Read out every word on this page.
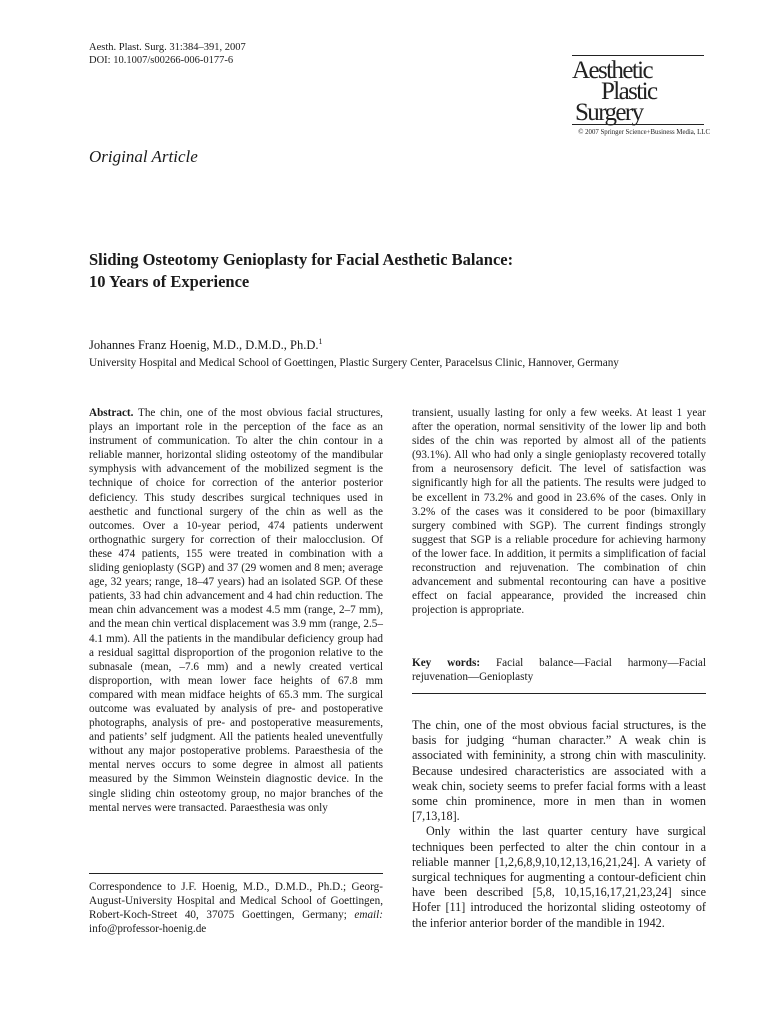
Aesth. Plast. Surg. 31:384–391, 2007
DOI: 10.1007/s00266-006-0177-6	Aesthetic
Plastic
Surgery
© 2007 Springer Science+Business Media, LLC
Original Article
Sliding Osteotomy Genioplasty for Facial Aesthetic Balance:
10 Years of Experience
Johannes Franz Hoenig, M.D., D.M.D., Ph.D.$^1$
University Hospital and Medical School of Goettingen, Plastic Surgery Center, Paracelsus Clinic, Hannover, Germany
Abstract. The chin, one of the most obvious facial structures, plays an important role in the perception of the face as an instrument of communication. To alter the chin contour in a reliable manner, horizontal sliding osteotomy of the mandibular symphysis with advancement of the mobilized segment is the technique of choice for correction of the anterior posterior deficiency. This study describes surgical techniques used in aesthetic and functional surgery of the chin as well as the outcomes. Over a 10-year period, 474 patients underwent orthognathic surgery for correction of their malocclusion. Of these 474 patients, 155 were treated in combination with a sliding genioplasty (SGP) and 37 (29 women and 8 men; average age, 32 years; range, 18–47 years) had an isolated SGP. Of these patients, 33 had chin advancement and 4 had chin reduction. The mean chin advancement was a modest 4.5 mm (range, 2–7 mm), and the mean chin vertical displacement was 3.9 mm (range, 2.5–4.1 mm). All the patients in the mandibular deficiency group had a residual sagittal disproportion of the progonion relative to the subnasale (mean, –7.6 mm) and a newly created vertical disproportion, with mean lower face heights of 67.8 mm compared with mean midface heights of 65.3 mm. The surgical outcome was evaluated by analysis of pre- and postoperative photographs, analysis of pre- and postoperative measurements, and patients’ self judgment. All the patients healed uneventfully without any major postoperative problems. Paraesthesia of the mental nerves occurs to some degree in almost all patients measured by the Simmon Weinstein diagnostic device. In the single sliding chin osteotomy group, no major branches of the mental nerves were transacted. Paraesthesia was only
transient, usually lasting for only a few weeks. At least 1 year after the operation, normal sensitivity of the lower lip and both sides of the chin was reported by almost all of the patients (93.1%). All who had only a single genioplasty recovered totally from a neurosensory deficit. The level of satisfaction was significantly high for all the patients. The results were judged to be excellent in 73.2% and good in 23.6% of the cases. Only in 3.2% of the cases was it considered to be poor (bimaxillary surgery combined with SGP). The current findings strongly suggest that SGP is a reliable procedure for achieving harmony of the lower face. In addition, it permits a simplification of facial reconstruction and rejuvenation. The combination of chin advancement and submental recontouring can have a positive effect on facial appearance, provided the increased chin projection is appropriate.
Key words: Facial balance—Facial harmony—Facial rejuvenation—Genioplasty

The chin, one of the most obvious facial structures, is the basis for judging “human character.” A weak chin is associated with femininity, a strong chin with masculinity. Because undesired characteristics are associated with a weak chin, society seems to prefer facial forms with a least some chin prominence, more in men than in women [7,13,18].

Only within the last quarter century have surgical techniques been perfected to alter the chin contour in a reliable manner [1,2,6,8,9,10,12,13,16,21,24]. A variety of surgical techniques for augmenting a contour-deficient chin have been described [5,8, 10,15,16,17,21,23,24] since Hofer [11] introduced the horizontal sliding osteotomy of the inferior anterior border of the mandible in 1942.

Correspondence to J.F. Hoenig, M.D., D.M.D., Ph.D.; Georg-August-University Hospital and Medical School of Goettingen, Robert-Koch-Street 40, 37075 Goettingen, Germany; email: info@professor-hoenig.de
